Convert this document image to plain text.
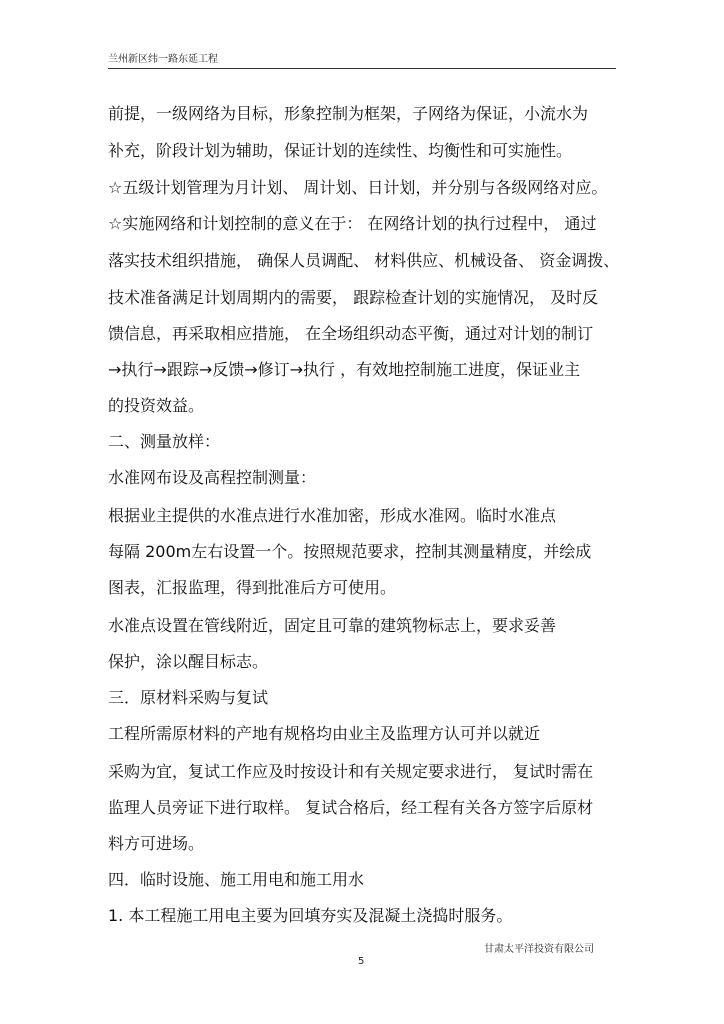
兰州新区纬一路东延工程
前提，一级网络为目标，形象控制为框架，子网络为保证，小流水为
补充，阶段计划为辅助，保证计划的连续性、均衡性和可实施性。
☆五级计划管理为月计划、 周计划、日计划，并分别与各级网络对应。
☆实施网络和计划控制的意义在于： 在网络计划的执行过程中， 通过
落实技术组织措施， 确保人员调配、 材料供应、机械设备、 资金调拨、
技术准备满足计划周期内的需要， 跟踪检查计划的实施情况， 及时反
馈信息，再采取相应措施， 在全场组织动态平衡，通过对计划的制订
→执行→跟踪→反馈→修订→执行 ，有效地控制施工进度，保证业主
的投资效益。
二、测量放样：
水准网布设及高程控制测量：
根据业主提供的水准点进行水准加密，形成水准网。临时水准点
每隔 200m左右设置一个。按照规范要求，控制其测量精度，并绘成
图表，汇报监理，得到批准后方可使用。
水准点设置在管线附近，固定且可靠的建筑物标志上，要求妥善
保护，涂以醒目标志。
三．原材料采购与复试
工程所需原材料的产地有规格均由业主及监理方认可并以就近
采购为宜，复试工作应及时按设计和有关规定要求进行， 复试时需在
监理人员旁证下进行取样。 复试合格后，经工程有关各方签字后原材
料方可进场。
四．临时设施、施工用电和施工用水
1. 本工程施工用电主要为回填夯实及混凝土浇捣时服务。
甘肃太平洋投资有限公司
5
